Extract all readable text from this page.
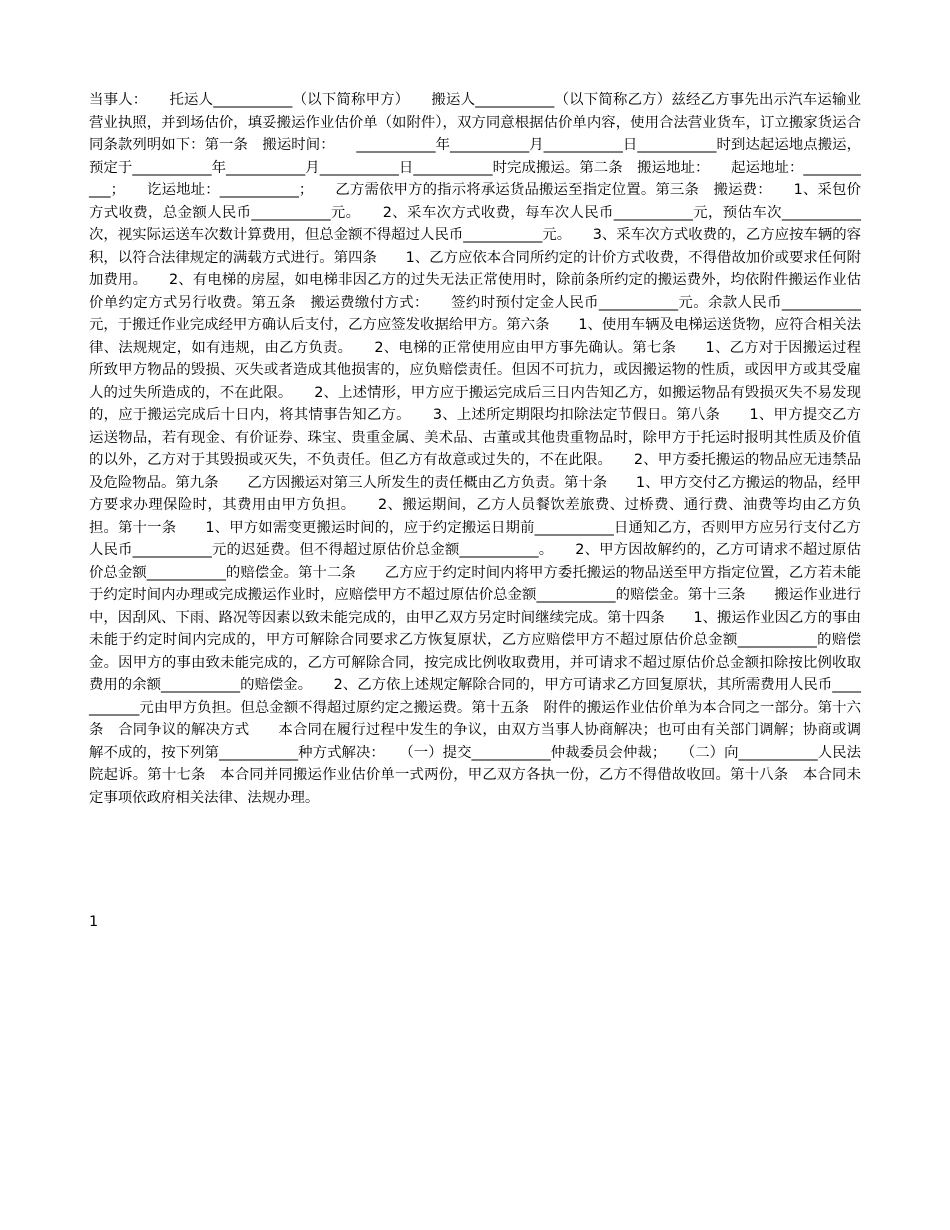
当事人：　　托运人___________（以下简称甲方）　　搬运人___________（以下简称乙方）兹经乙方事先出示汽车运输业营业执照，并到场估价，填妥搬运作业估价单（如附件），双方同意根据估价单内容，使用合法营业货车，订立搬家货运合同条款列明如下：第一条　搬运时间：　　___________年___________月___________日___________时到达起运地点搬运，预定于___________年___________月___________日___________时完成搬运。第二条　搬运地址：　　起运地址：___________；　　讫运地址：___________；　　乙方需依甲方的指示将承运货品搬运至指定位置。第三条　搬运费：　　1、采包价方式收费，总金额人民币___________元。　　2、采车次方式收费，每车次人民币___________元，预估车次___________次，视实际运送车次数计算费用，但总金额不得超过人民币___________元。　　3、采车次方式收费的，乙方应按车辆的容积，以符合法律规定的满载方式进行。第四条　　1、乙方应依本合同所约定的计价方式收费，不得借故加价或要求任何附加费用。　　2、有电梯的房屋，如电梯非因乙方的过失无法正常使用时，除前条所约定的搬运费外，均依附件搬运作业估价单约定方式另行收费。第五条　搬运费缴付方式：　　签约时预付定金人民币___________元。余款人民币___________元，于搬迁作业完成经甲方确认后支付，乙方应签发收据给甲方。第六条　　1、使用车辆及电梯运送货物，应符合相关法律、法规规定，如有违规，由乙方负责。　　2、电梯的正常使用应由甲方事先确认。第七条　　1、乙方对于因搬运过程所致甲方物品的毁损、灭失或者造成其他损害的，应负赔偿责任。但因不可抗力，或因搬运物的性质，或因甲方或其受雇人的过失所造成的，不在此限。　　2、上述情形，甲方应于搬运完成后三日内告知乙方，如搬运物品有毁损灭失不易发现的，应于搬运完成后十日内，将其情事告知乙方。　　3、上述所定期限均扣除法定节假日。第八条　　1、甲方提交乙方运送物品，若有现金、有价证券、珠宝、贵重金属、美术品、古董或其他贵重物品时，除甲方于托运时报明其性质及价值的以外，乙方对于其毁损或灭失，不负责任。但乙方有故意或过失的，不在此限。　　2、甲方委托搬运的物品应无违禁品及危险物品。第九条　　乙方因搬运对第三人所发生的责任概由乙方负责。第十条　　1、甲方交付乙方搬运的物品，经甲方要求办理保险时，其费用由甲方负担。　　2、搬运期间，乙方人员餐饮差旅费、过桥费、通行费、油费等均由乙方负担。第十一条　　1、甲方如需变更搬运时间的，应于约定搬运日期前___________日通知乙方，否则甲方应另行支付乙方人民币___________元的迟延费。但不得超过原估价总金额___________。　　2、甲方因故解约的，乙方可请求不超过原估价总金额___________的赔偿金。第十二条　　乙方应于约定时间内将甲方委托搬运的物品送至甲方指定位置，乙方若未能于约定时间内办理或完成搬运作业时，应赔偿甲方不超过原估价总金额___________的赔偿金。第十三条　　搬运作业进行中，因刮风、下雨、路况等因素以致未能完成的，由甲乙双方另定时间继续完成。第十四条　　1、搬运作业因乙方的事由未能于约定时间内完成的，甲方可解除合同要求乙方恢复原状，乙方应赔偿甲方不超过原估价总金额___________的赔偿金。因甲方的事由致未能完成的，乙方可解除合同，按完成比例收取费用，并可请求不超过原估价总金额扣除按比例收取费用的余额___________的赔偿金。　　2、乙方依上述规定解除合同的，甲方可请求乙方回复原状，其所需费用人民币___________元由甲方负担。但总金额不得超过原约定之搬运费。第十五条　附件的搬运作业估价单为本合同之一部分。第十六条　合同争议的解决方式　　本合同在履行过程中发生的争议，由双方当事人协商解决；也可由有关部门调解；协商或调解不成的，按下列第___________种方式解决：　　（一）提交___________仲裁委员会仲裁；　　（二）向___________人民法院起诉。第十七条　本合同并同搬运作业估价单一式两份，甲乙双方各执一份，乙方不得借故收回。第十八条　本合同未定事项依政府相关法律、法规办理。

1
